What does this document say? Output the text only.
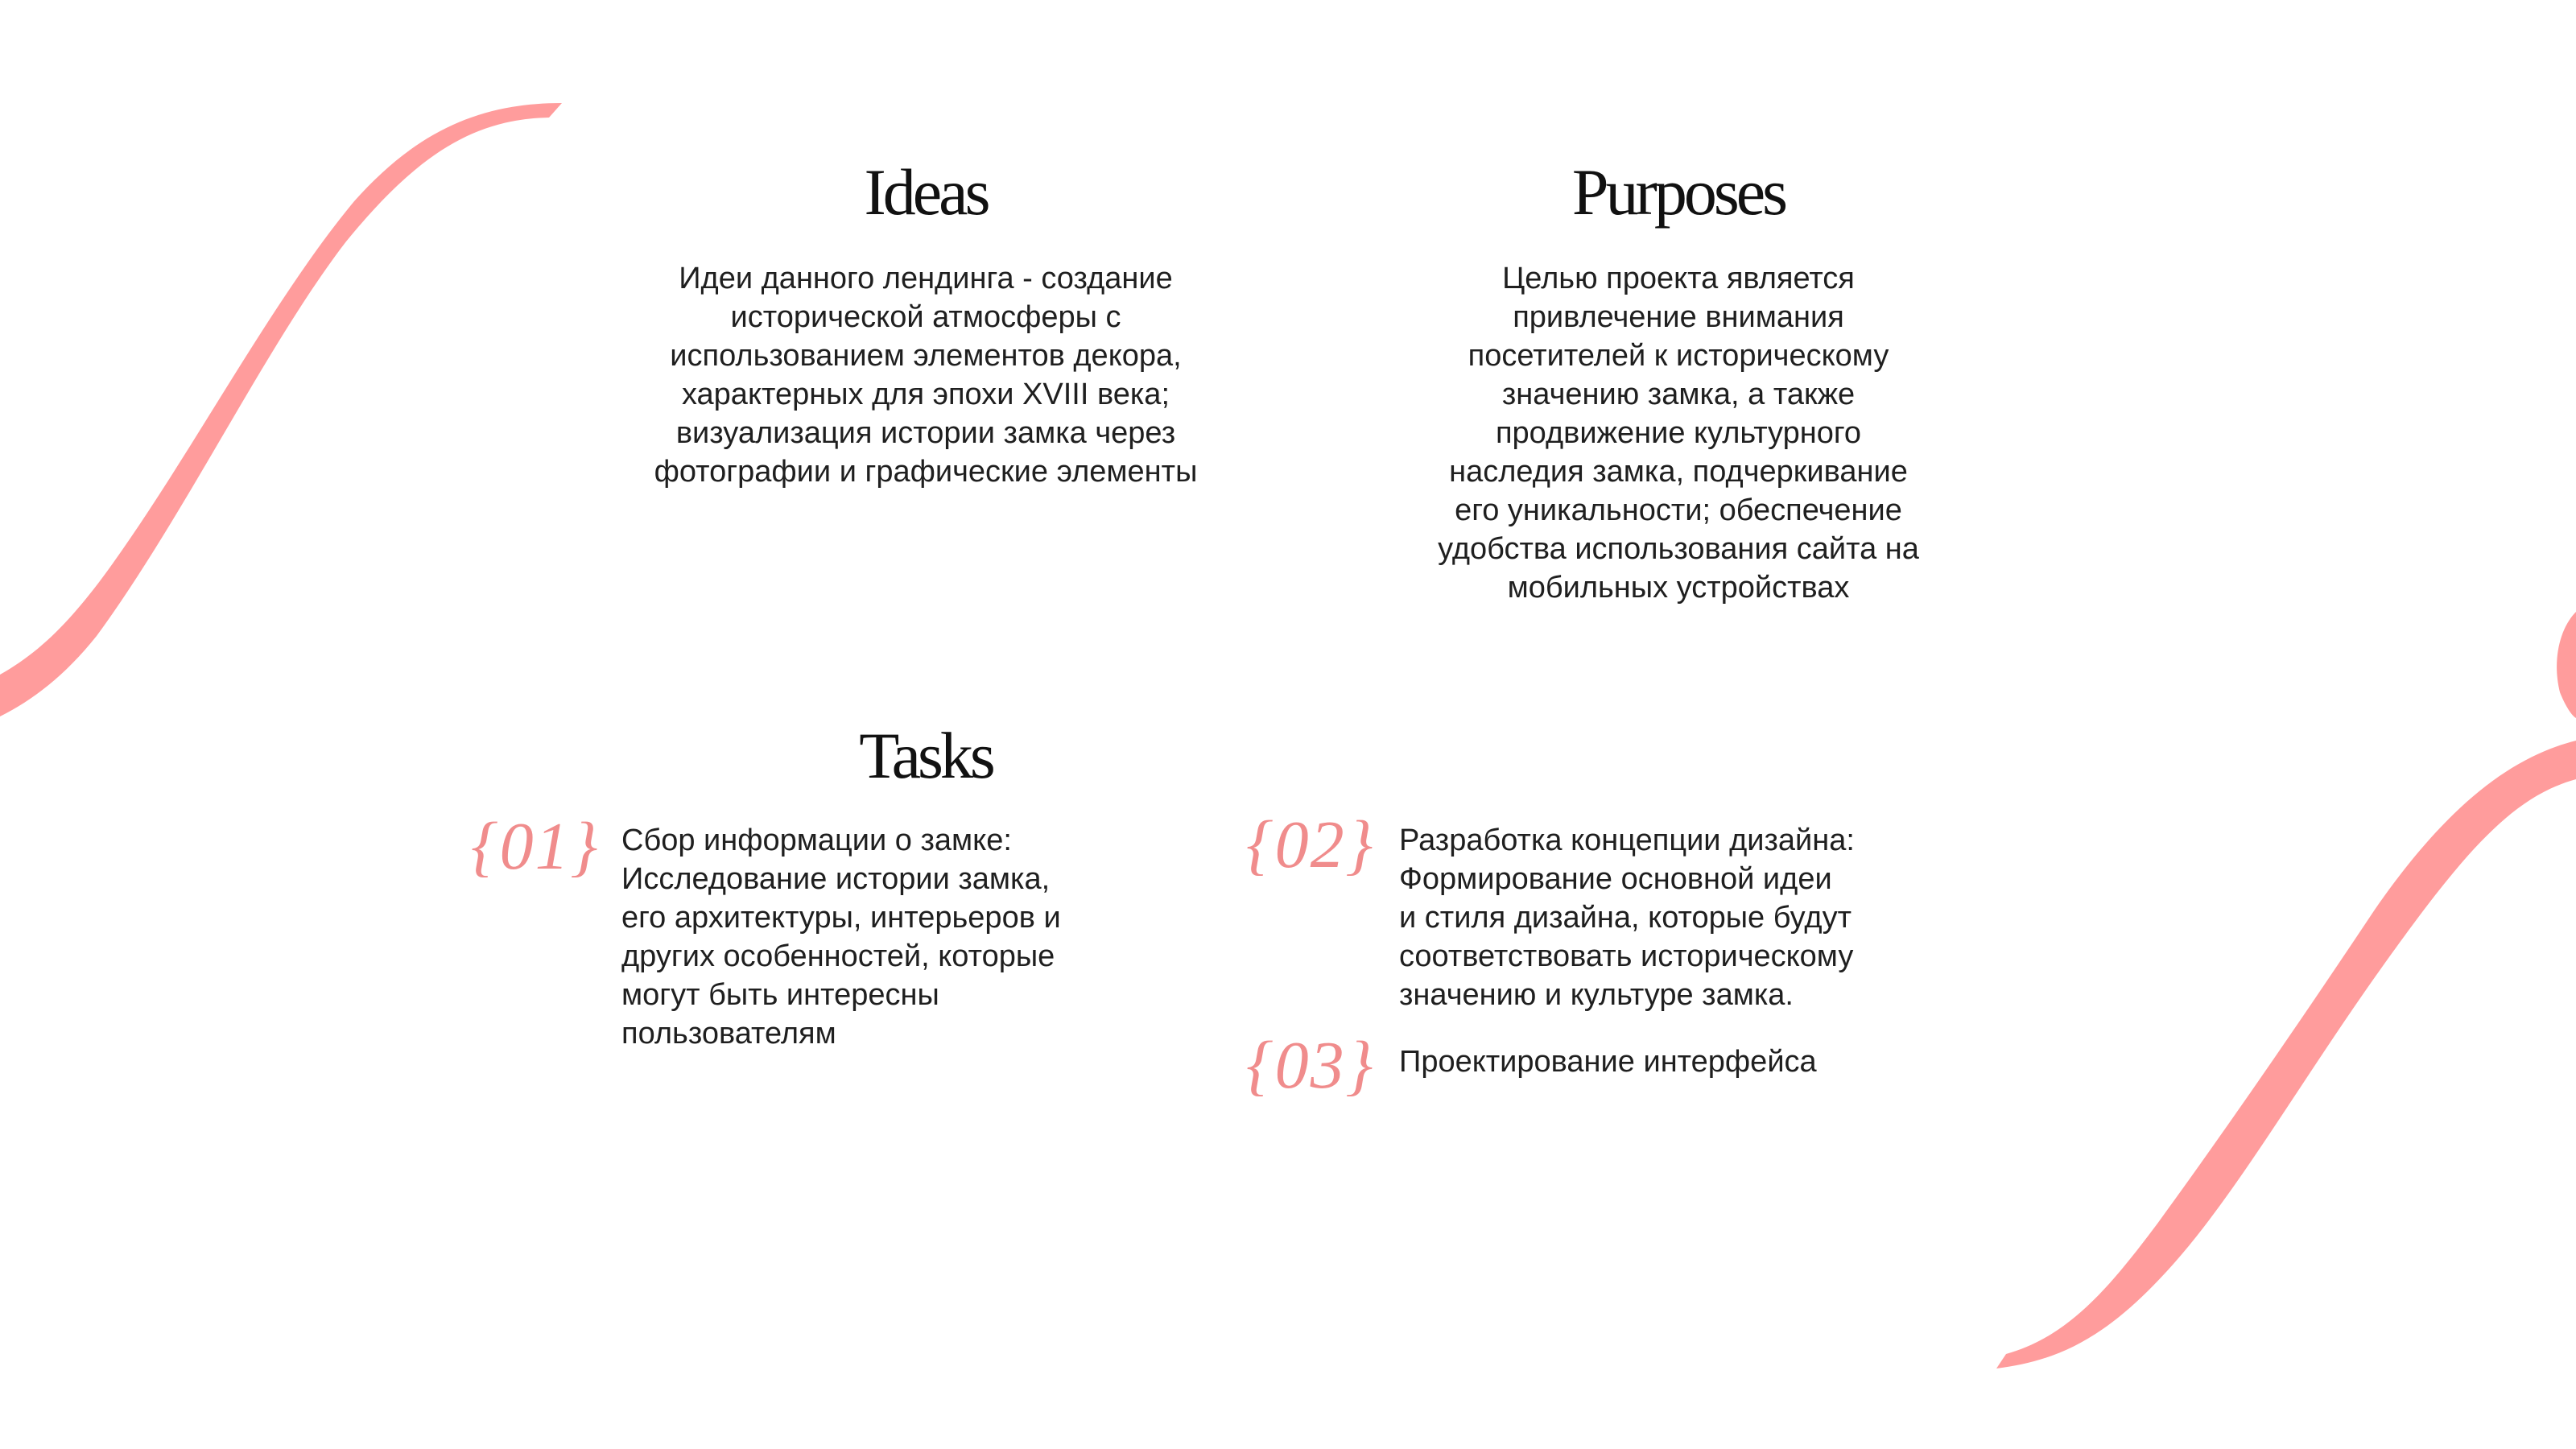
Ideas
Идеи данного лендинга - создание
исторической атмосферы с
использованием элементов декора,
характерных для эпохи XVIII века;
визуализация истории замка через
фотографии и графические элементы
Purposes
Целью проекта является
привлечение внимания
посетителей к историческому
значению замка, а также
продвижение культурного
наследия замка, подчеркивание
его уникальности; обеспечение
удобства использования сайта на
мобильных устройствах
Tasks
{01} Сбор информации о замке:
Исследование истории замка,
его архитектуры, интерьеров и
других особенностей, которые
могут быть интересны
пользователям
{02} Разработка концепции дизайна:
Формирование основной идеи
и стиля дизайна, которые будут
соответствовать историческому
значению и культуре замка.
{03} Проектирование интерфейса
